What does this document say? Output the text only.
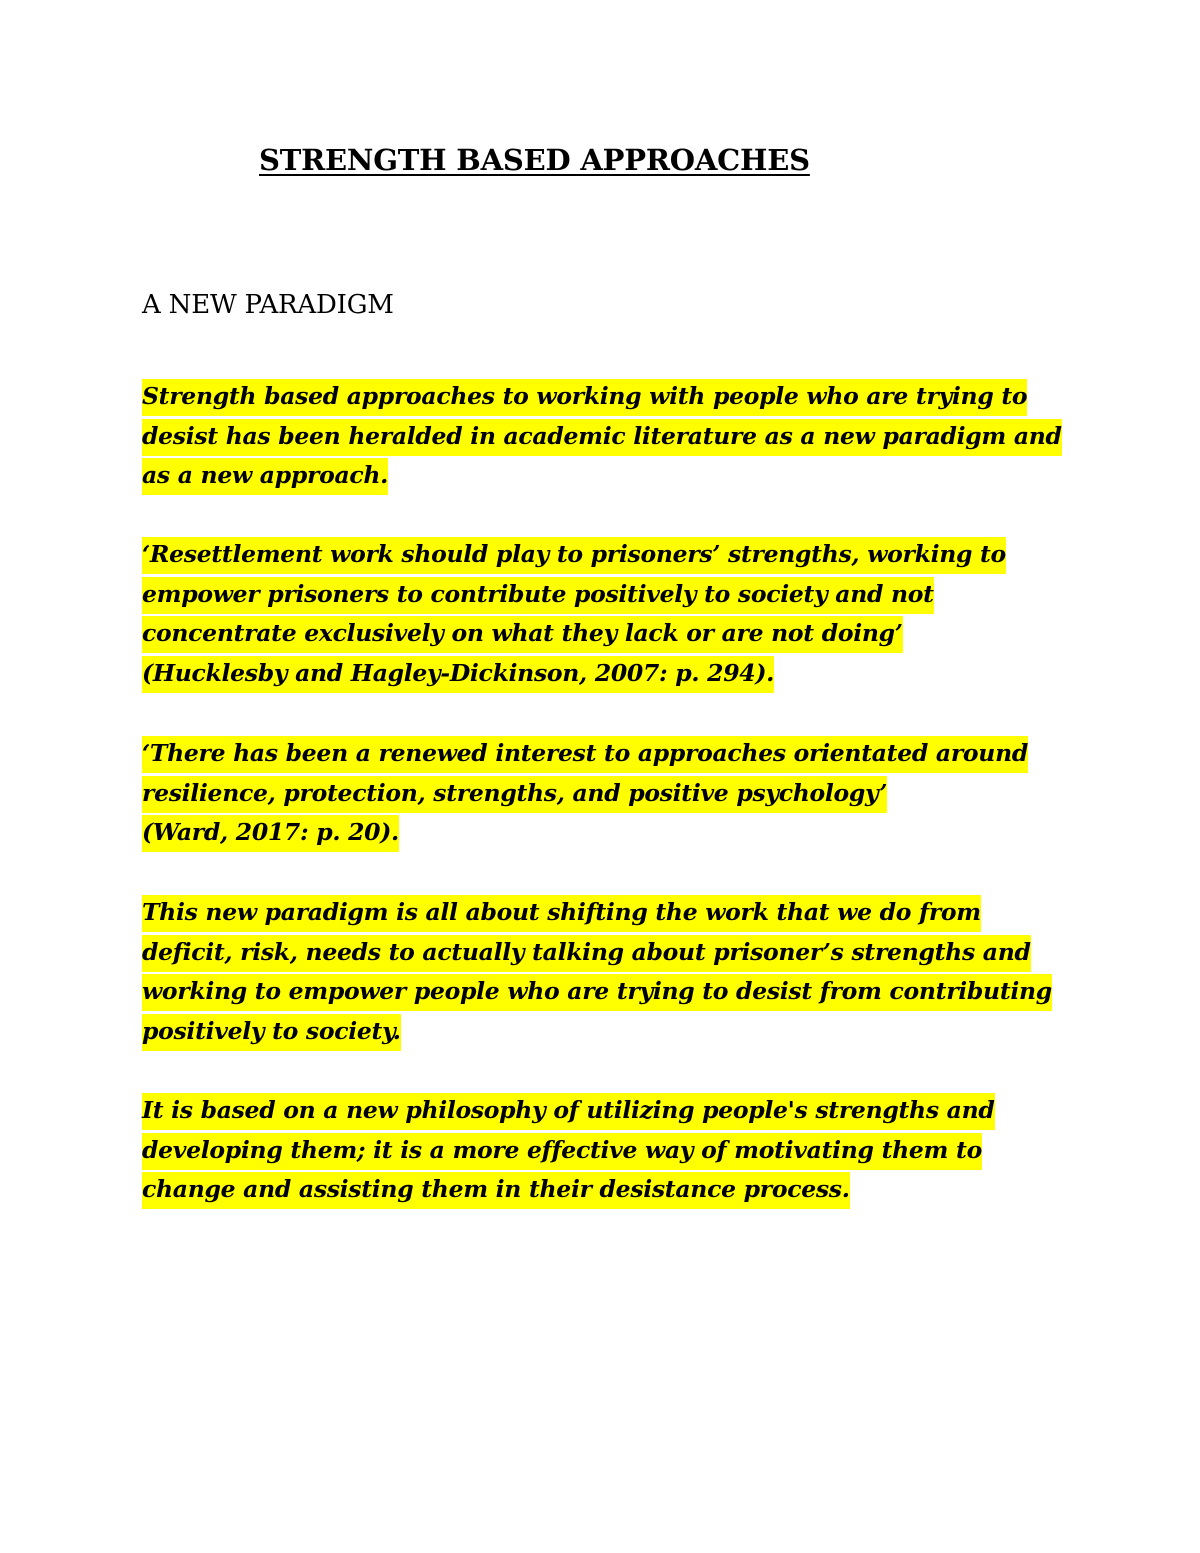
STRENGTH BASED APPROACHES
A NEW PARADIGM

Strength based approaches to working with people who are trying to
desist has been heralded in academic literature as a new paradigm and
as a new approach.

‘Resettlement work should play to prisoners’ strengths, working to
empower prisoners to contribute positively to society and not
concentrate exclusively on what they lack or are not doing’
(Hucklesby and Hagley-Dickinson, 2007: p. 294).

‘There has been a renewed interest to approaches orientated around
resilience, protection, strengths, and positive psychology’
(Ward, 2017: p. 20).

This new paradigm is all about shifting the work that we do from
deficit, risk, needs to actually talking about prisoner’s strengths and
working to empower people who are trying to desist from contributing
positively to society.

It is based on a new philosophy of utilizing people's strengths and
developing them; it is a more effective way of motivating them to
change and assisting them in their desistance process.
